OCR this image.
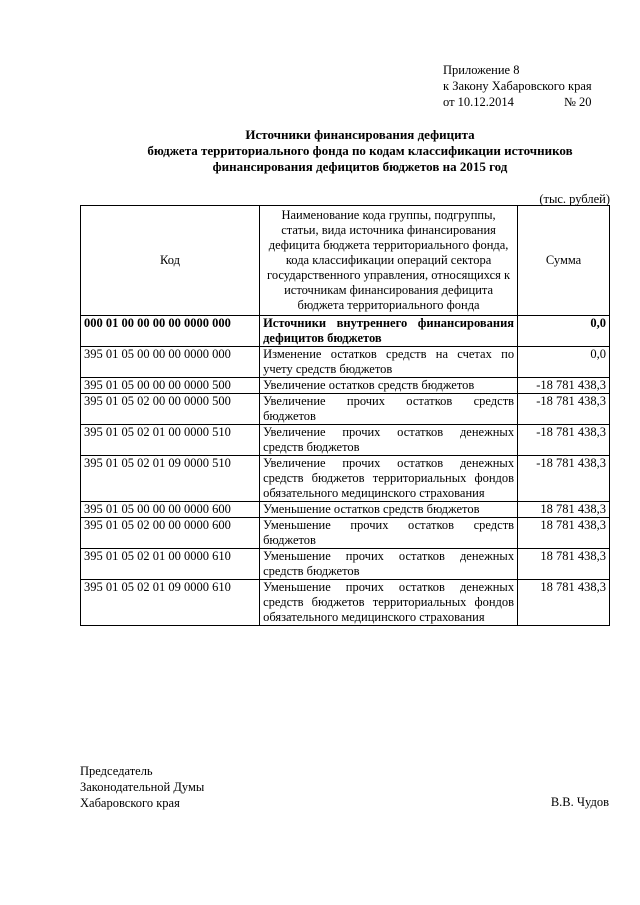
Приложение 8
к Закону Хабаровского края
от 10.12.2014	№ 20
Источники финансирования дефицита
бюджета территориального фонда по кодам классификации источников
финансирования дефицитов бюджетов на 2015 год
(тыс. рублей)
Код	Наименование кода группы, подгруппы, статьи, вида источника финансирования дефицита бюджета территориального фонда, кода классификации операций сектора государственного управления, относящихся к источникам финансирования дефицита бюджета территориального фонда	Сумма
000 01 00 00 00 00 0000 000	Источники внутреннего финансирования дефицитов бюджетов	0,0
395 01 05 00 00 00 0000 000	Изменение остатков средств на счетах по учету средств бюджетов	0,0
395 01 05 00 00 00 0000 500	Увеличение остатков средств бюджетов	-18 781 438,3
395 01 05 02 00 00 0000 500	Увеличение прочих остатков средств бюджетов	-18 781 438,3
395 01 05 02 01 00 0000 510	Увеличение прочих остатков денежных средств бюджетов	-18 781 438,3
395 01 05 02 01 09 0000 510	Увеличение прочих остатков денежных средств бюджетов территориальных фондов обязательного медицинского страхования	-18 781 438,3
395 01 05 00 00 00 0000 600	Уменьшение остатков средств бюджетов	18 781 438,3
395 01 05 02 00 00 0000 600	Уменьшение прочих остатков средств бюджетов	18 781 438,3
395 01 05 02 01 00 0000 610	Уменьшение прочих остатков денежных средств бюджетов	18 781 438,3
395 01 05 02 01 09 0000 610	Уменьшение прочих остатков денежных средств бюджетов территориальных фондов обязательного медицинского страхования	18 781 438,3
Председатель
Законодательной Думы
Хабаровского края	В.В. Чудов
